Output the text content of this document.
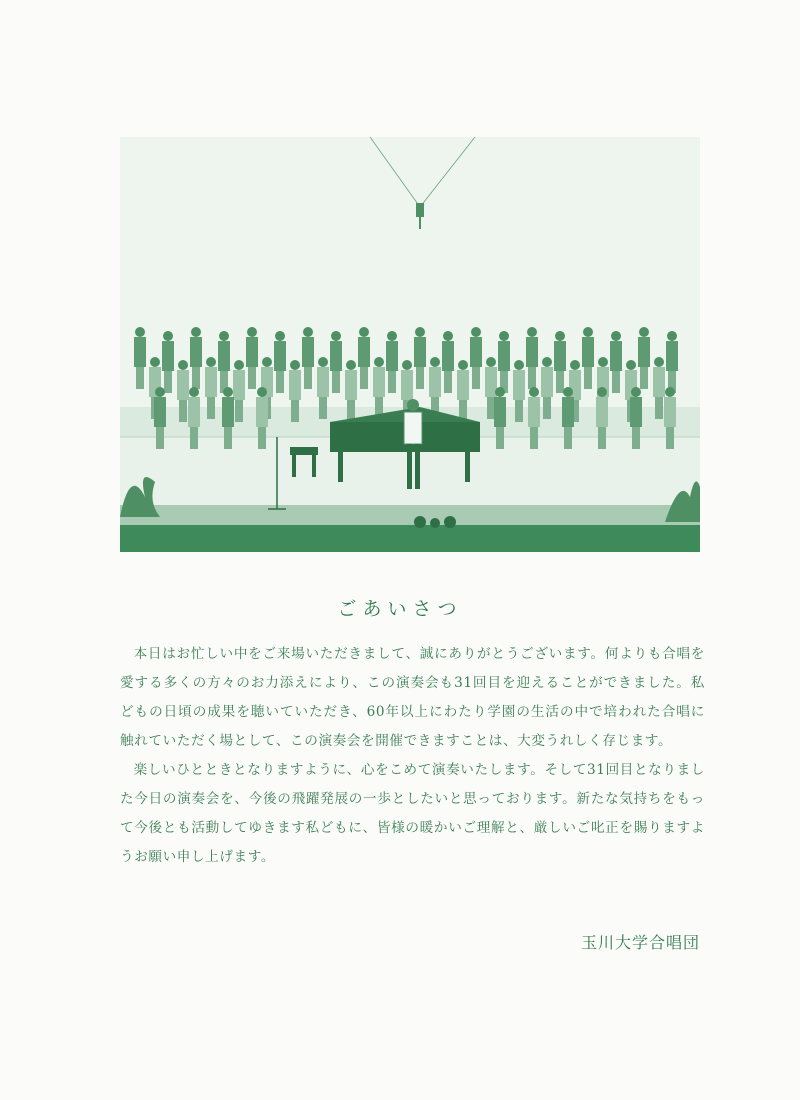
ごあいさつ

本日はお忙しい中をご来場いただきまして、誠にありがとうございます。何よりも合唱を愛する多くの方々のお力添えにより、この演奏会も31回目を迎えることができました。私どもの日頃の成果を聴いていただき、60年以上にわたり学園の生活の中で培われた合唱に触れていただく場として、この演奏会を開催できますことは、大変うれしく存じます。

楽しいひとときとなりますように、心をこめて演奏いたします。そして31回目となりました今日の演奏会を、今後の飛躍発展の一歩としたいと思っております。新たな気持ちをもって今後とも活動してゆきます私どもに、皆様の暖かいご理解と、厳しいご叱正を賜りますようお願い申し上げます。

玉川大学合唱団
